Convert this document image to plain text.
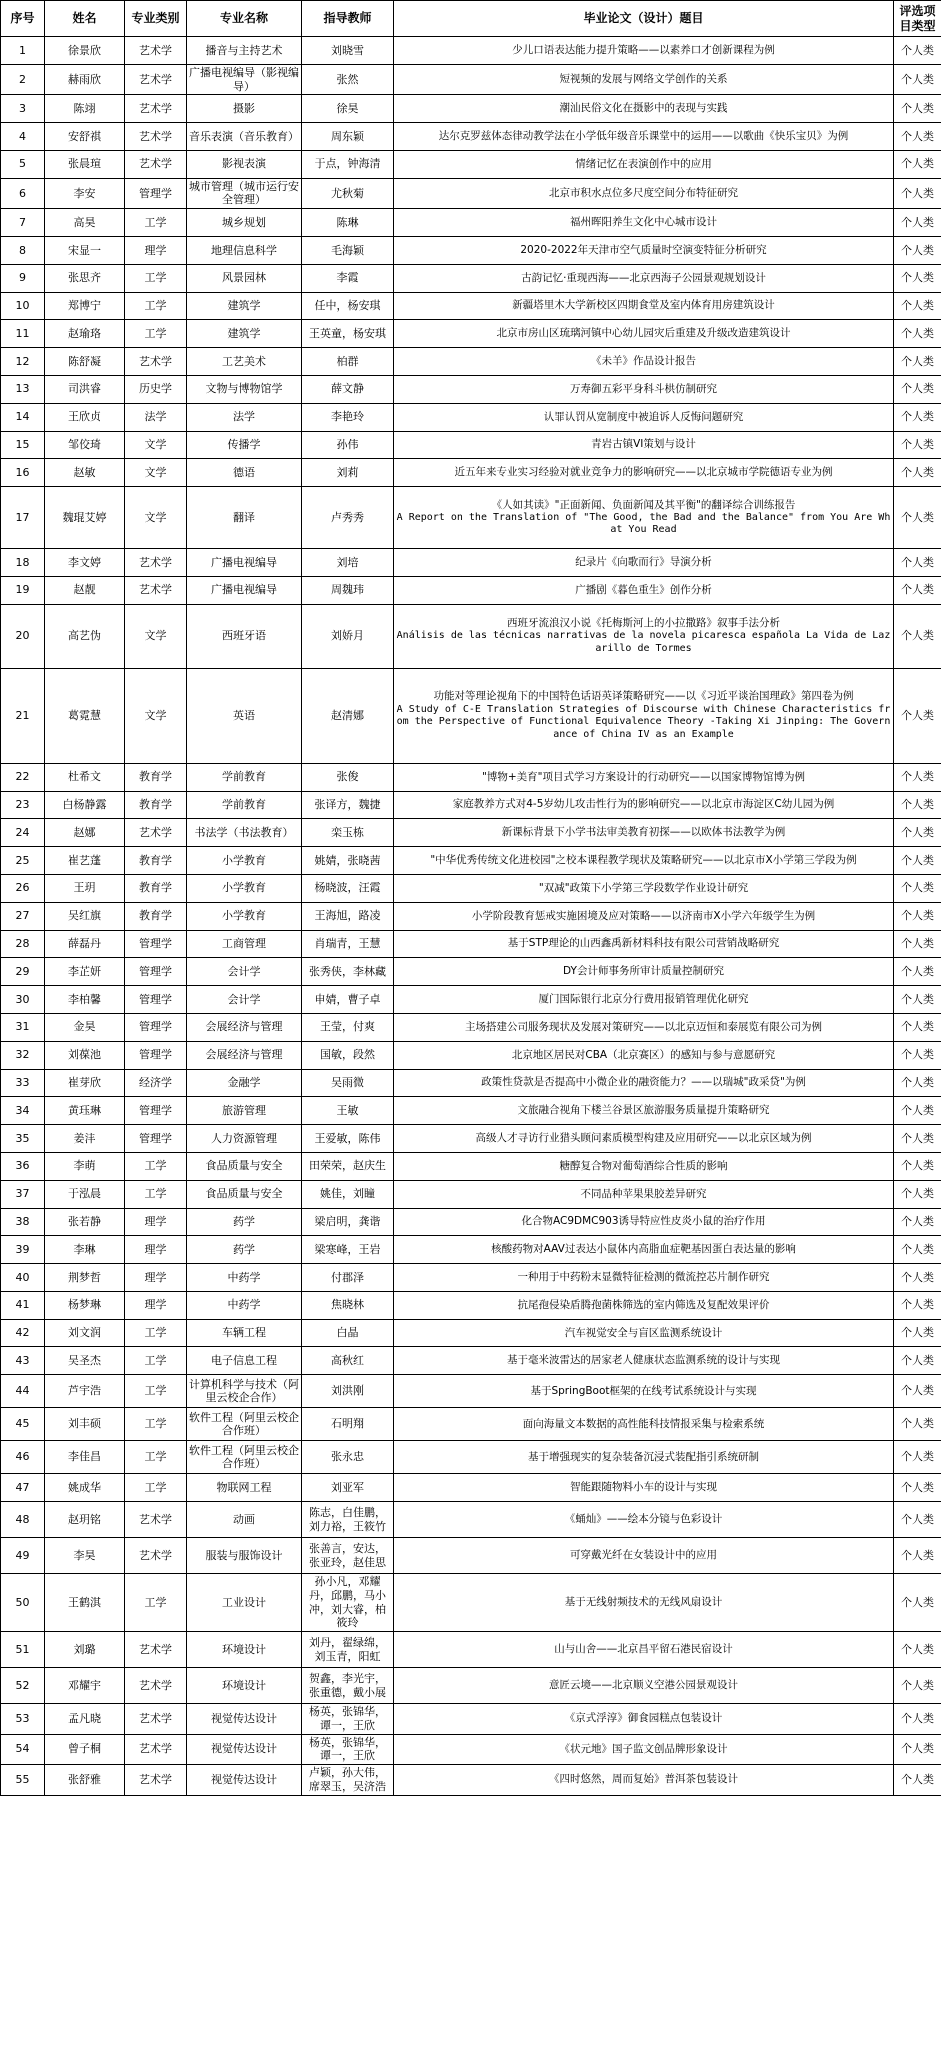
序号	姓名	专业类别	专业名称	指导教师	毕业论文（设计）题目	评选项目类型
1	徐景欣	艺术学	播音与主持艺术	刘晓雪	少儿口语表达能力提升策略——以素养口才创新课程为例	个人类
2	赫雨欣	艺术学	广播电视编导（影视编导）	张然	短视频的发展与网络文学创作的关系	个人类
3	陈翊	艺术学	摄影	徐昊	潮汕民俗文化在摄影中的表现与实践	个人类
4	安舒祺	艺术学	音乐表演（音乐教育）	周东颖	达尔克罗兹体态律动教学法在小学低年级音乐课堂中的运用——以歌曲《快乐宝贝》为例	个人类
5	张晨瑄	艺术学	影视表演	于点，钟海清	情绪记忆在表演创作中的应用	个人类
6	李安	管理学	城市管理（城市运行安全管理）	尤秋菊	北京市积水点位多尺度空间分布特征研究	个人类
7	高昊	工学	城乡规划	陈琳	福州晖阳养生文化中心城市设计	个人类
8	宋显一	理学	地理信息科学	毛海颖	2020-2022年天津市空气质量时空演变特征分析研究	个人类
9	张思齐	工学	风景园林	李霞	古韵记忆·重现西海——北京西海子公园景观规划设计	个人类
10	郑博宁	工学	建筑学	任中，杨安琪	新疆塔里木大学新校区四期食堂及室内体育用房建筑设计	个人类
11	赵瑜珞	工学	建筑学	王英童，杨安琪	北京市房山区琉璃河镇中心幼儿园灾后重建及升级改造建筑设计	个人类
12	陈舒凝	艺术学	工艺美术	柏群	《未羊》作品设计报告	个人类
13	司洪睿	历史学	文物与博物馆学	薛文静	万寿御五彩平身科斗栱仿制研究	个人类
14	王欣贞	法学	法学	李艳玲	认罪认罚从宽制度中被追诉人反悔问题研究	个人类
15	邹佼琦	文学	传播学	孙伟	青岩古镇VI策划与设计	个人类
16	赵敏	文学	德语	刘莉	近五年来专业实习经验对就业竞争力的影响研究——以北京城市学院德语专业为例	个人类
17	魏琨艾婷	文学	翻译	卢秀秀	《人如其读》"正面新闻、负面新闻及其平衡"的翻译综合训练报告
A Report on the Translation of "The Good, the Bad and the Balance" from You Are What You Read	个人类
18	李文婷	艺术学	广播电视编导	刘培	纪录片《向歌而行》导演分析	个人类
19	赵靓	艺术学	广播电视编导	周魏玮	广播剧《暮色重生》创作分析	个人类
20	高艺伪	文学	西班牙语	刘娇月	西班牙流浪汉小说《托梅斯河上的小拉撒路》叙事手法分析
Análisis de las técnicas narrativas de la novela picaresca española La Vida de Lazarillo de Tormes	个人类
21	葛霓慧	文学	英语	赵清娜	功能对等理论视角下的中国特色话语英译策略研究——以《习近平谈治国理政》第四卷为例
A Study of C-E Translation Strategies of Discourse with Chinese Characteristics from the Perspective of Functional Equivalence Theory -Taking Xi Jinping: The Governance of China IV as an Example	个人类
22	杜希文	教育学	学前教育	张俊	"博物+美育"项目式学习方案设计的行动研究——以国家博物馆博为例	个人类
23	白杨静露	教育学	学前教育	张译方，魏捷	家庭教养方式对4-5岁幼儿攻击性行为的影响研究——以北京市海淀区C幼儿园为例	个人类
24	赵娜	艺术学	书法学（书法教育）	栾玉栋	新课标背景下小学书法审美教育初探——以欧体书法教学为例	个人类
25	崔艺蓬	教育学	小学教育	姚婧，张晓茜	"中华优秀传统文化进校园"之校本课程教学现状及策略研究——以北京市X小学第三学段为例	个人类
26	王玥	教育学	小学教育	杨晓波，汪霞	"双减"政策下小学第三学段数学作业设计研究	个人类
27	吴红旗	教育学	小学教育	王海旭，路凌	小学阶段教育惩戒实施困境及应对策略——以济南市X小学六年级学生为例	个人类
28	薛磊丹	管理学	工商管理	肖瑞青，王慧	基于STP理论的山西鑫禹新材料科技有限公司营销战略研究	个人类
29	李芷妍	管理学	会计学	张秀侠，李林藏	DY会计师事务所审计质量控制研究	个人类
30	李柏馨	管理学	会计学	申婧，曹子卓	厦门国际银行北京分行费用报销管理优化研究	个人类
31	金昊	管理学	会展经济与管理	王莹，付爽	主场搭建公司服务现状及发展对策研究——以北京迈恒和泰展览有限公司为例	个人类
32	刘葆池	管理学	会展经济与管理	国敏，段然	北京地区居民对CBA（北京赛区）的感知与参与意愿研究	个人类
33	崔芽欣	经济学	金融学	吴雨微	政策性贷款是否提高中小微企业的融资能力？——以瑞城"政采贷"为例	个人类
34	黄珏琳	管理学	旅游管理	王敏	文旅融合视角下楼兰谷景区旅游服务质量提升策略研究	个人类
35	姜沣	管理学	人力资源管理	王爱敏，陈伟	高级人才寻访行业猎头顾问素质模型构建及应用研究——以北京区域为例	个人类
36	李萌	工学	食品质量与安全	田荣荣，赵庆生	糖醇复合物对葡萄酒综合性质的影响	个人类
37	于泓晨	工学	食品质量与安全	姚佳，刘瞳	不同品种苹果果胶差异研究	个人类
38	张若静	理学	药学	梁启明，龚谐	化合物AC9DMC903诱导特应性皮炎小鼠的治疗作用	个人类
39	李琳	理学	药学	梁寒峰，王岩	核酸药物对AAV过表达小鼠体内高脂血症靶基因蛋白表达量的影响	个人类
40	荆梦哲	理学	中药学	付郡泽	一种用于中药粉末显微特征检测的微流控芯片制作研究	个人类
41	杨梦琳	理学	中药学	焦晓林	抗尾孢侵染盾腾孢菌株筛选的室内筛选及复配效果评价	个人类
42	刘文润	工学	车辆工程	白晶	汽车视觉安全与盲区监测系统设计	个人类
43	吴圣杰	工学	电子信息工程	高秋红	基于毫米波雷达的居家老人健康状态监测系统的设计与实现	个人类
44	芦宇浩	工学	计算机科学与技术（阿里云校企合作）	刘洪刚	基于SpringBoot框架的在线考试系统设计与实现	个人类
45	刘丰硕	工学	软件工程（阿里云校企合作班）	石明翔	面向海量文本数据的高性能科技情报采集与检索系统	个人类
46	李佳昌	工学	软件工程（阿里云校企合作班）	张永忠	基于增强现实的复杂装备沉浸式装配指引系统研制	个人类
47	姚成华	工学	物联网工程	刘亚军	智能跟随物料小车的设计与实现	个人类
48	赵玥铭	艺术学	动画	陈志，白佳鹏，刘力裕，王筱竹	《蛹灿》——绘本分镜与色彩设计	个人类
49	李昊	艺术学	服装与服饰设计	张善言，安达，张亚玲，赵佳思	可穿戴光纤在女装设计中的应用	个人类
50	王鹤淇	工学	工业设计	孙小凡，邓耀丹，邱鹏，马小冲，刘大睿，柏筱玲	基于无线射频技术的无线风扇设计	个人类
51	刘璐	艺术学	环境设计	刘丹，翟绿绵，刘玉青，阳虹	山与山舍——北京昌平留石港民宿设计	个人类
52	邓耀宇	艺术学	环境设计	贺鑫，李光宇，张重德，戴小展	意匠云境——北京顺义空港公园景观设计	个人类
53	孟凡晓	艺术学	视觉传达设计	杨英，张锦华，谭一，王欣	《京式浮淳》御食园糕点包装设计	个人类
54	曾子桐	艺术学	视觉传达设计	杨英，张锦华，谭一，王欣	《状元地》国子监文创品牌形象设计	个人类
55	张舒雅	艺术学	视觉传达设计	卢颖，孙大伟，席翠玉，吴济浩	《四时悠然，周而复始》普洱茶包装设计	个人类
